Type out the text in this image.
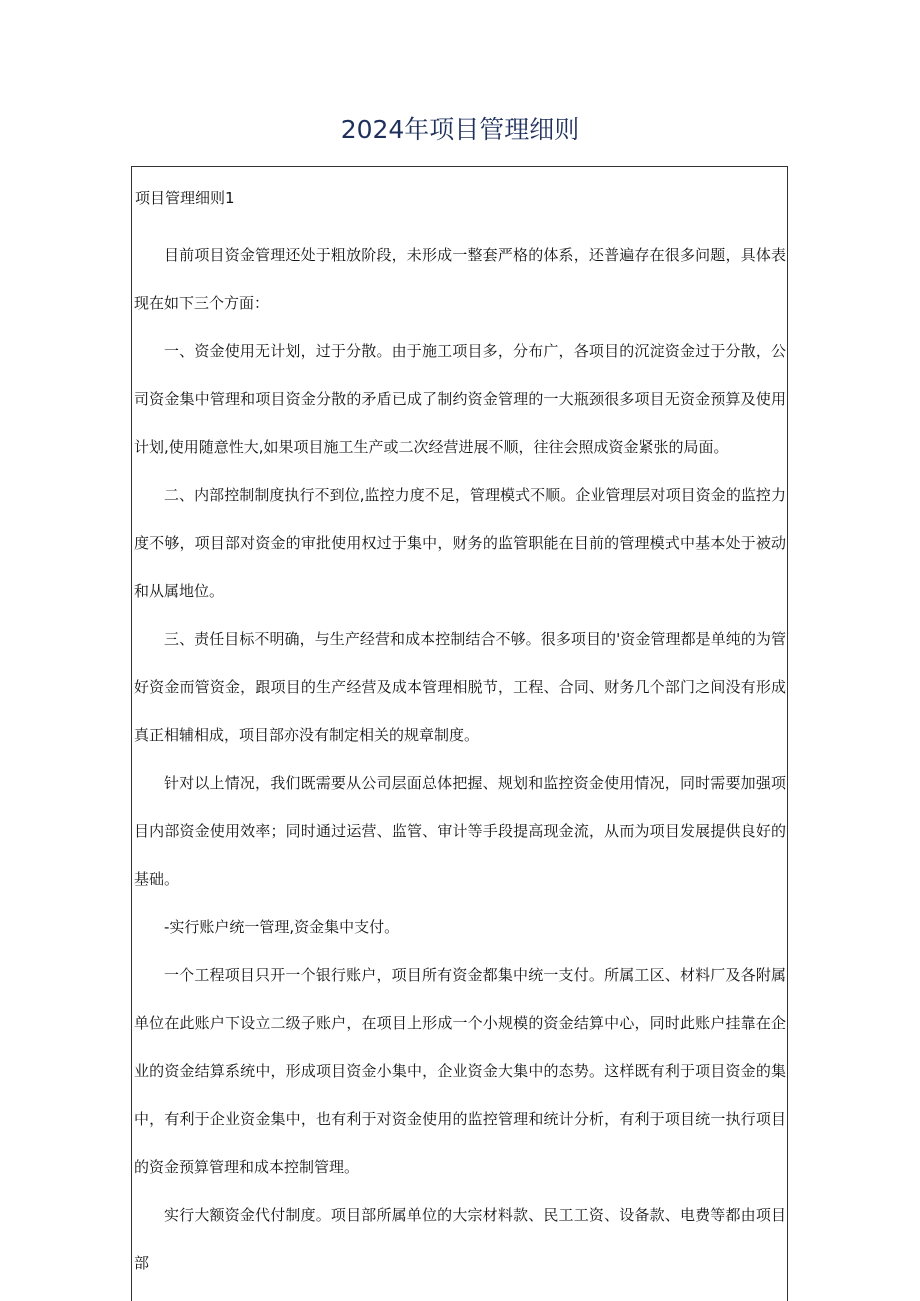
2024年项目管理细则

项目管理细则1

目前项目资金管理还处于粗放阶段，未形成一整套严格的体系，还普遍存在很多问题，具体表现在如下三个方面：

一、资金使用无计划，过于分散。由于施工项目多，分布广，各项目的沉淀资金过于分散，公司资金集中管理和项目资金分散的矛盾已成了制约资金管理的一大瓶颈很多项目无资金预算及使用计划,使用随意性大,如果项目施工生产或二次经营进展不顺，往往会照成资金紧张的局面。

二、内部控制制度执行不到位,监控力度不足，管理模式不顺。企业管理层对项目资金的监控力度不够，项目部对资金的审批使用权过于集中，财务的监管职能在目前的管理模式中基本处于被动和从属地位。

三、责任目标不明确，与生产经营和成本控制结合不够。很多项目的'资金管理都是单纯的为管好资金而管资金，跟项目的生产经营及成本管理相脱节，工程、合同、财务几个部门之间没有形成真正相辅相成，项目部亦没有制定相关的规章制度。

针对以上情况，我们既需要从公司层面总体把握、规划和监控资金使用情况，同时需要加强项目内部资金使用效率；同时通过运营、监管、审计等手段提高现金流，从而为项目发展提供良好的基础。

-实行账户统一管理,资金集中支付。

一个工程项目只开一个银行账户，项目所有资金都集中统一支付。所属工区、材料厂及各附属单位在此账户下设立二级子账户，在项目上形成一个小规模的资金结算中心，同时此账户挂靠在企业的资金结算系统中，形成项目资金小集中，企业资金大集中的态势。这样既有利于项目资金的集中，有利于企业资金集中，也有利于对资金使用的监控管理和统计分析，有利于项目统一执行项目的资金预算管理和成本控制管理。

实行大额资金代付制度。项目部所属单位的大宗材料款、民工工资、设备款、电费等都由项目部
